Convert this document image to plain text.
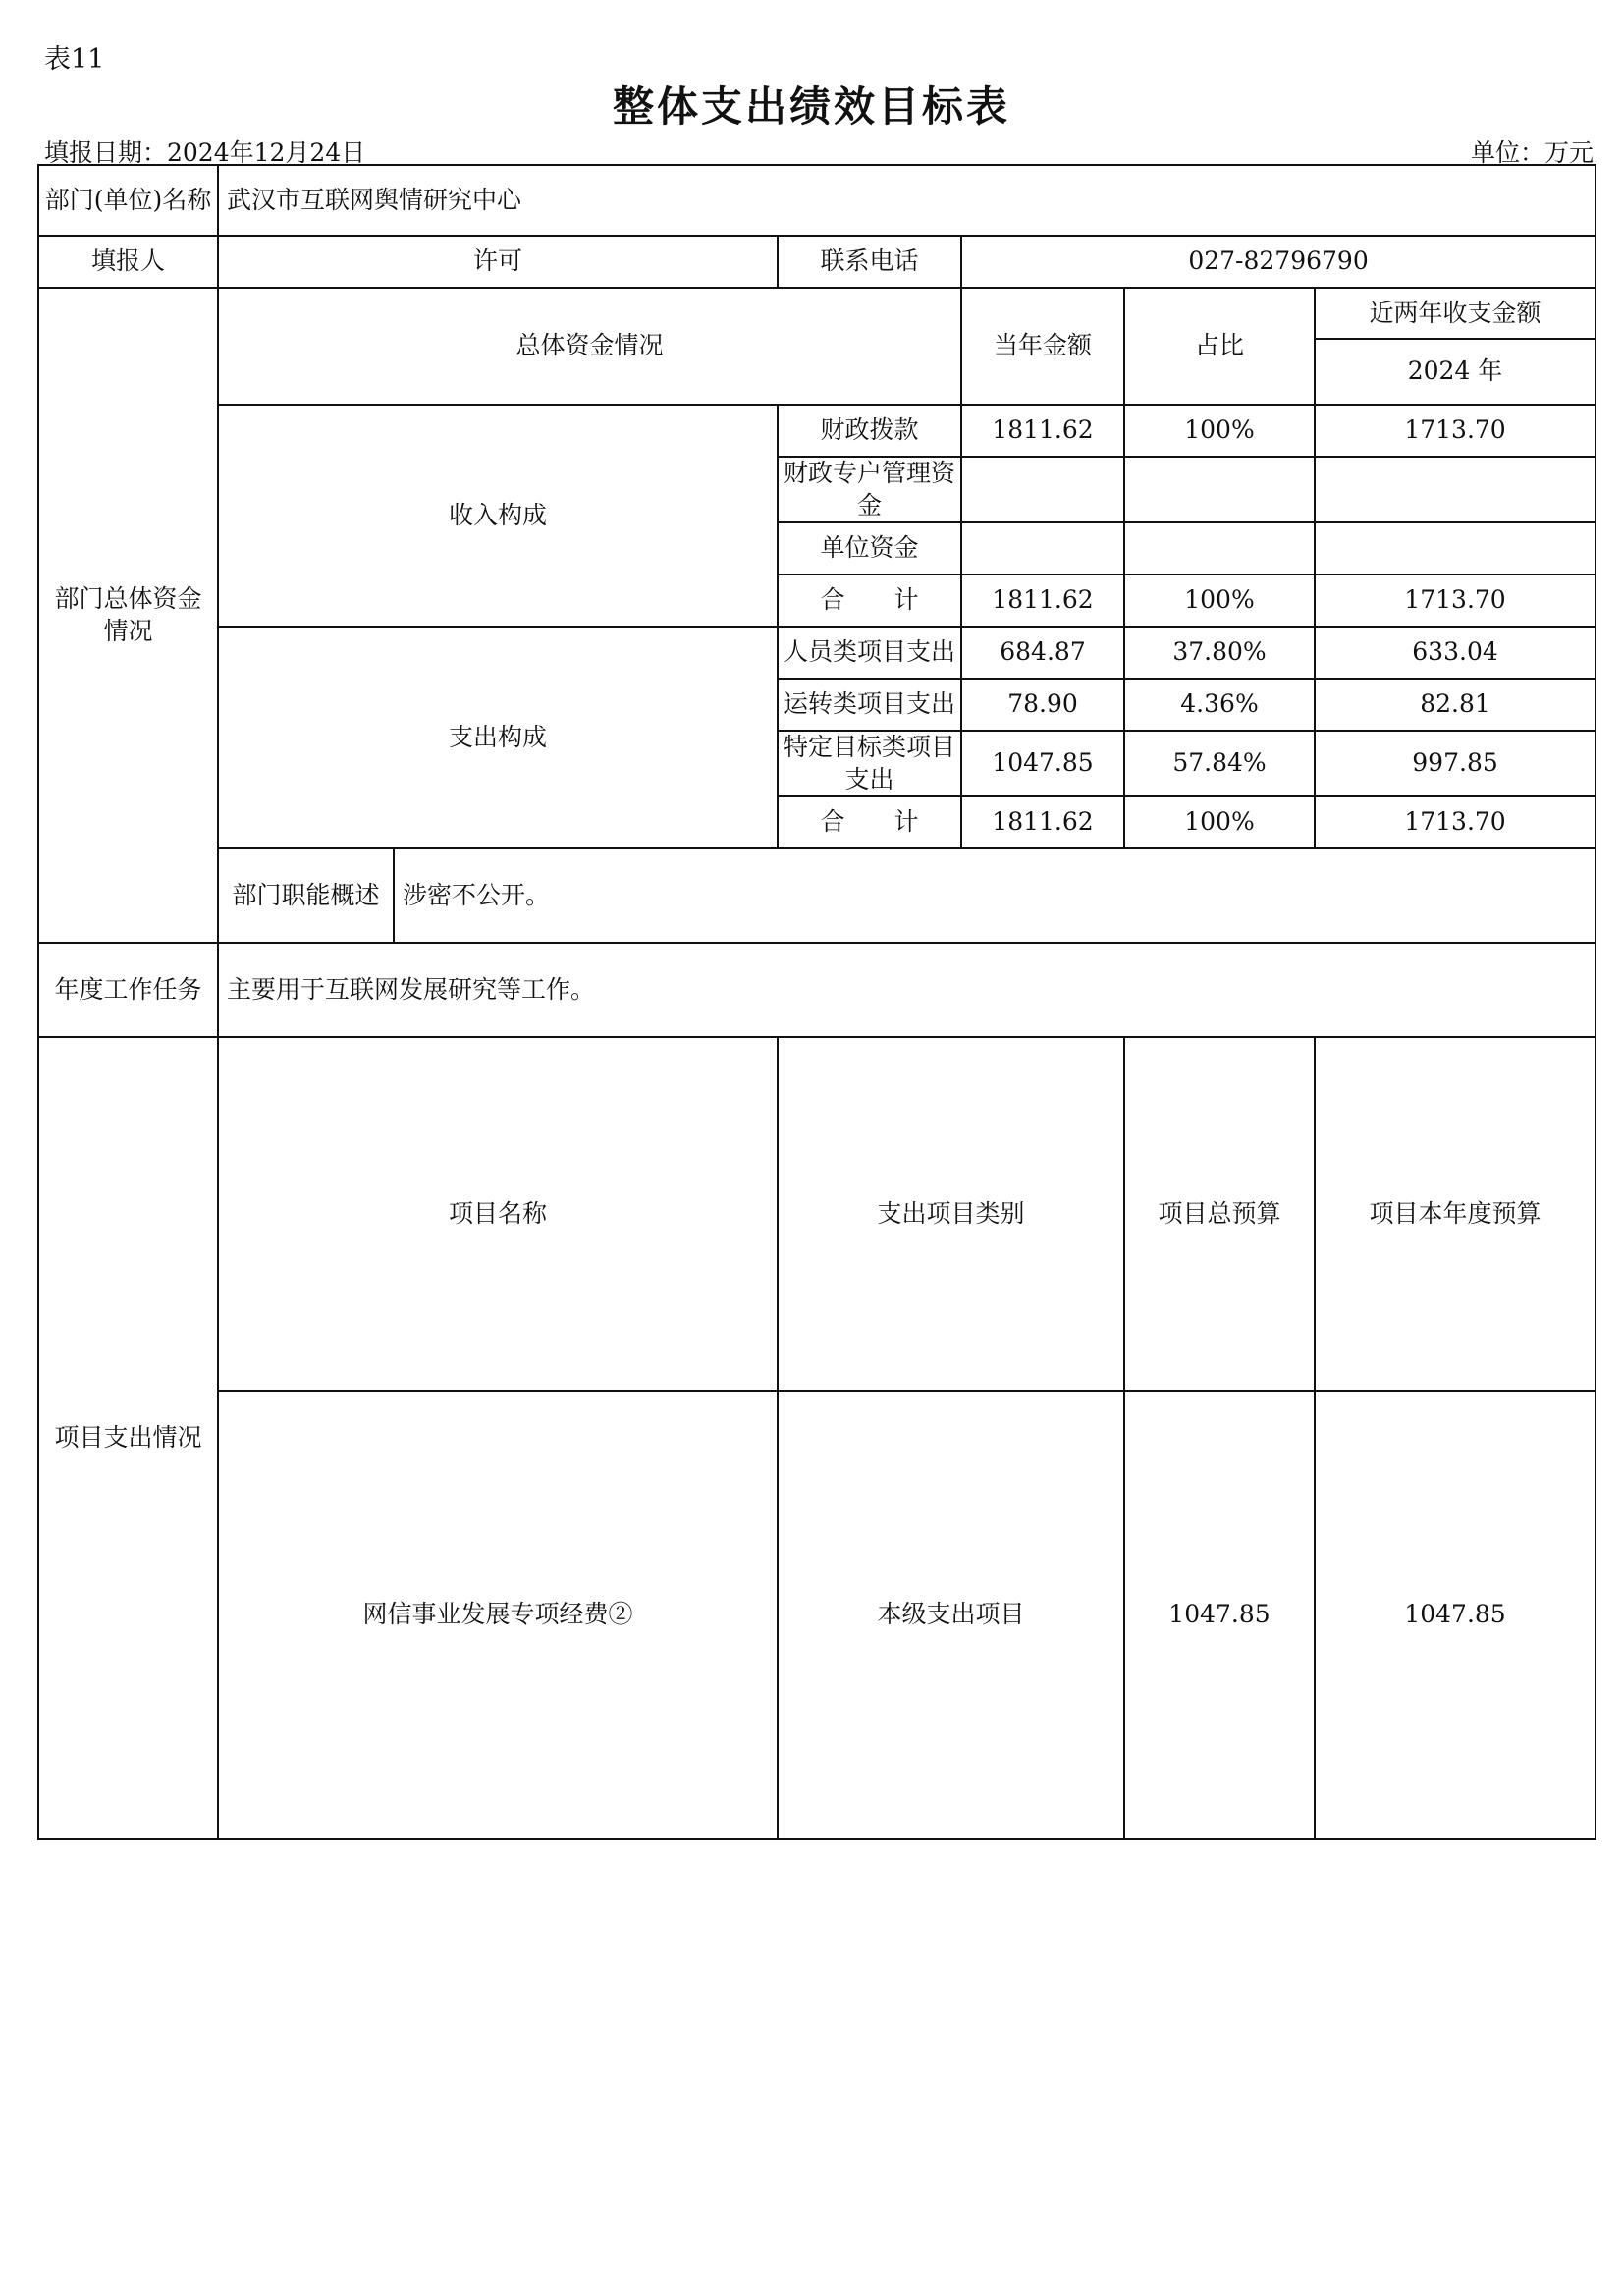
表11
整体支出绩效目标表
填报日期：2024年12月24日	单位：万元
部门(单位)名称	武汉市互联网舆情研究中心						
填报人	许可		联系电话	027-82796790			
部门总体资金情况	总体资金情况			当年金额	占比	近两年收支金额	
						2024 年	
	收入构成		财政拨款	1811.62	100%	1713.70	
			财政专户管理资金				
			单位资金				
			合　　计	1811.62	100%	1713.70	
	支出构成		人员类项目支出	684.87	37.80%	633.04	
			运转类项目支出	78.90	4.36%	82.81	
			特定目标类项目支出	1047.85	57.84%	997.85	
			合　　计	1811.62	100%	1713.70	
	部门职能概述	涉密不公开。					
年度工作任务	主要用于互联网发展研究等工作。						
项目支出情况	项目名称		支出项目类别		项目总预算	项目本年度预算	
	网信事业发展专项经费②		本级支出项目		1047.85	1047.85	
